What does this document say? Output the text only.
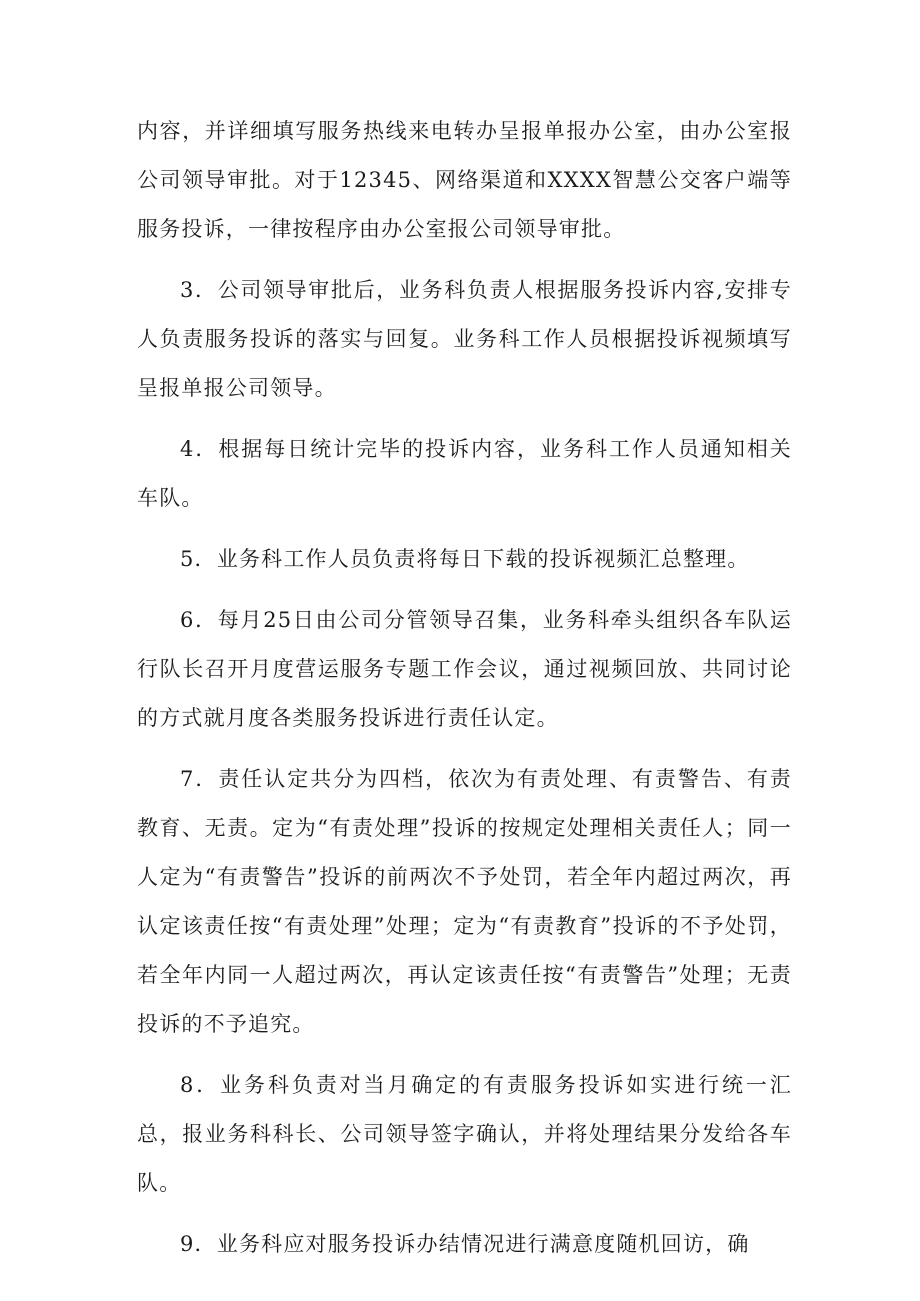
内容，并详细填写服务热线来电转办呈报单报办公室，由办公室报公司领导审批。对于12345、网络渠道和XXXX智慧公交客户端等服务投诉，一律按程序由办公室报公司领导审批。

3．公司领导审批后，业务科负责人根据服务投诉内容,安排专人负责服务投诉的落实与回复。业务科工作人员根据投诉视频填写呈报单报公司领导。

4．根据每日统计完毕的投诉内容，业务科工作人员通知相关车队。

5．业务科工作人员负责将每日下载的投诉视频汇总整理。

6．每月25日由公司分管领导召集，业务科牵头组织各车队运行队长召开月度营运服务专题工作会议，通过视频回放、共同讨论的方式就月度各类服务投诉进行责任认定。

7．责任认定共分为四档，依次为有责处理、有责警告、有责教育、无责。定为“有责处理”投诉的按规定处理相关责任人；同一人定为“有责警告”投诉的前两次不予处罚，若全年内超过两次，再认定该责任按“有责处理”处理；定为“有责教育”投诉的不予处罚，若全年内同一人超过两次，再认定该责任按“有责警告”处理；无责投诉的不予追究。

8．业务科负责对当月确定的有责服务投诉如实进行统一汇总，报业务科科长、公司领导签字确认，并将处理结果分发给各车队。

9．业务科应对服务投诉办结情况进行满意度随机回访，确
